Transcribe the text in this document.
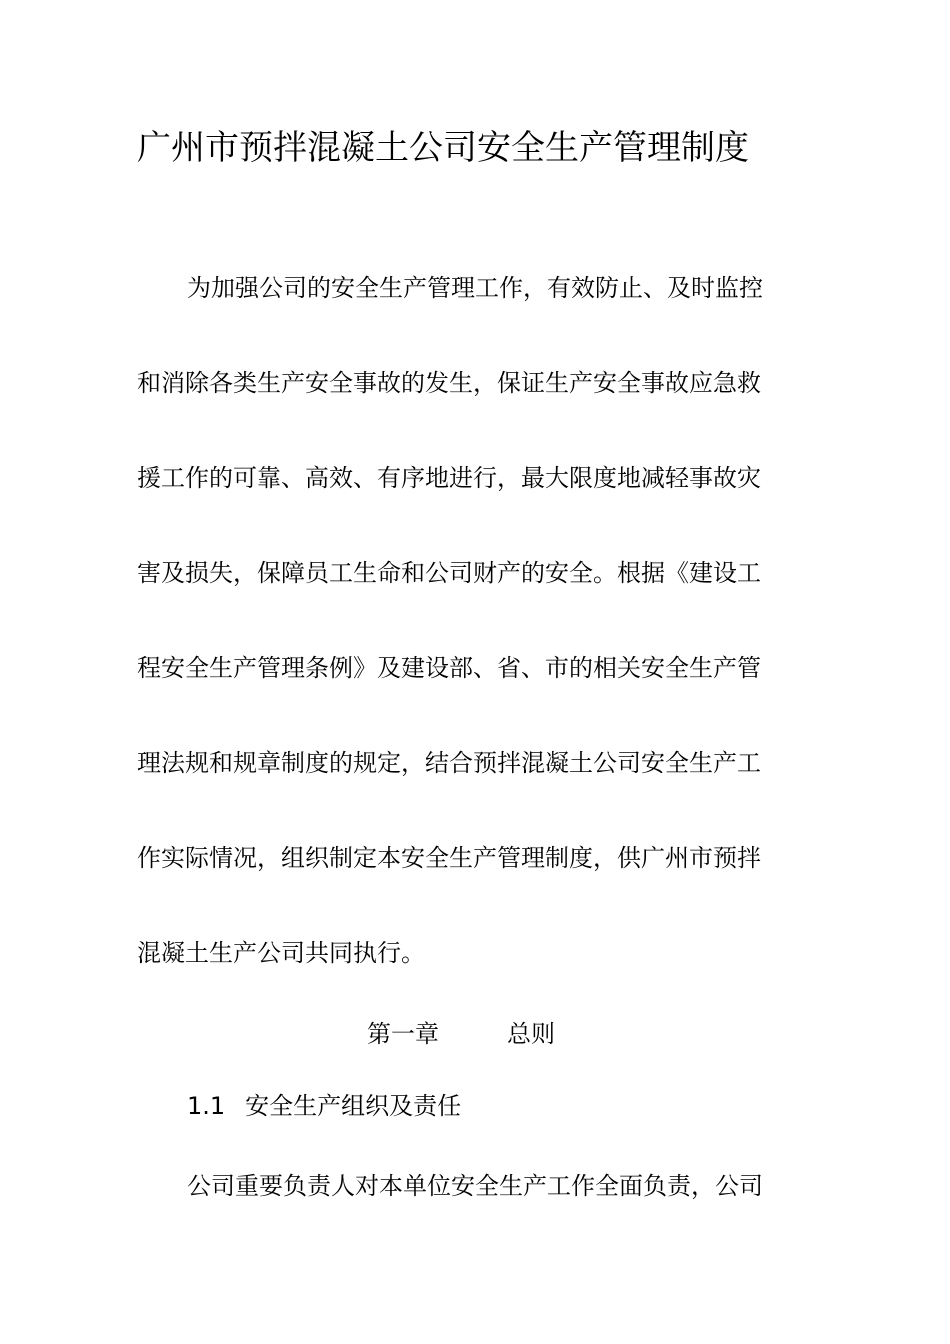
广州市预拌混凝土公司安全生产管理制度
为加强公司的安全生产管理工作，有效防止、及时监控
和消除各类生产安全事故的发生，保证生产安全事故应急救
援工作的可靠、高效、有序地进行，最大限度地减轻事故灾
害及损失，保障员工生命和公司财产的安全。根据《建设工
程安全生产管理条例》及建设部、省、市的相关安全生产管
理法规和规章制度的规定，结合预拌混凝土公司安全生产工
作实际情况，组织制定本安全生产管理制度，供广州市预拌
混凝土生产公司共同执行。
第一章	总则
1.1 安全生产组织及责任
公司重要负责人对本单位安全生产工作全面负责，公司
